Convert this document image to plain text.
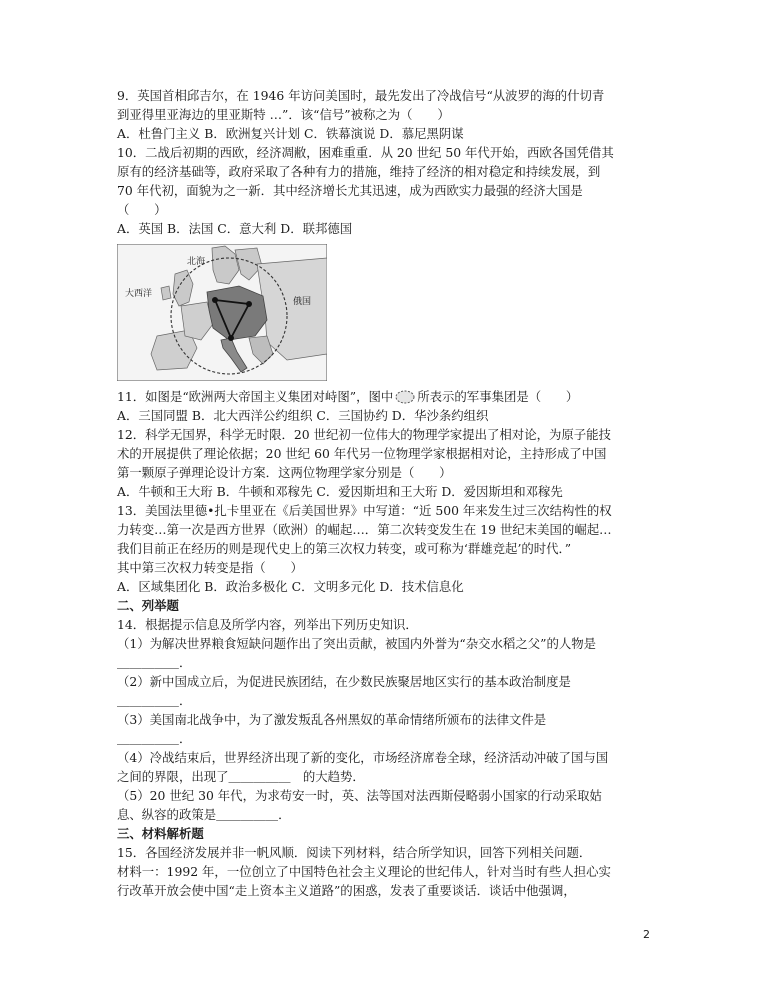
9．英国首相邱吉尔，在 1946 年访问美国时，最先发出了冷战信号“从波罗的海的什切青
到亚得里亚海边的里亚斯特 …”．该“信号”被称之为（　　）
A．杜鲁门主义 B．欧洲复兴计划 C．铁幕演说 D．慕尼黑阴谋
10．二战后初期的西欧，经济凋敝，困难重重．从 20 世纪 50 年代开始，西欧各国凭借其
原有的经济基础等，政府采取了各种有力的措施，维持了经济的相对稳定和持续发展，到
70 年代初，面貌为之一新．其中经济增长尤其迅速，成为西欧实力最强的经济大国是
（　　）
A．英国 B．法国 C．意大利 D．联邦德国
大西洋
北海
俄国
11．如图是“欧洲两大帝国主义集团对峙图”，图中 所表示的军事集团是（　　）
A．三国同盟 B．北大西洋公约组织 C．三国协约 D．华沙条约组织
12．科学无国界，科学无时限．20 世纪初一位伟大的物理学家提出了相对论，为原子能技
术的开展提供了理论依据；20 世纪 60 年代另一位物理学家根据相对论，主持形成了中国
第一颗原子弹理论设计方案．这两位物理学家分别是（　　）
A．牛顿和王大珩 B．牛顿和邓稼先 C．爱因斯坦和王大珩 D．爱因斯坦和邓稼先
13．美国法里德•扎卡里亚在《后美国世界》中写道：“近 500 年来发生过三次结构性的权
力转变…第一次是西方世界（欧洲）的崛起…．第二次转变发生在 19 世纪末美国的崛起…
我们目前正在经历的则是现代史上的第三次权力转变，或可称为‘群雄竞起’的时代．”
其中第三次权力转变是指（　　）
A．区域集团化 B．政治多极化 C．文明多元化 D．技术信息化
二、列举题
14．根据提示信息及所学内容，列举出下列历史知识．
（1）为解决世界粮食短缺问题作出了突出贡献，被国内外誉为“杂交水稻之父”的人物是
＿＿＿＿＿．
（2）新中国成立后，为促进民族团结，在少数民族聚居地区实行的基本政治制度是
＿＿＿＿＿．
（3）美国南北战争中，为了激发叛乱各州黑奴的革命情绪所颁布的法律文件是
＿＿＿＿＿．
（4）冷战结束后，世界经济出现了新的变化，市场经济席卷全球，经济活动冲破了国与国
之间的界限，出现了＿＿＿＿＿　的大趋势．
（5）20 世纪 30 年代，为求苟安一时，英、法等国对法西斯侵略弱小国家的行动采取姑
息、纵容的政策是＿＿＿＿＿．
三、材料解析题
15．各国经济发展并非一帆风顺．阅读下列材料，结合所学知识，回答下列相关问题．
材料一：1992 年，一位创立了中国特色社会主义理论的世纪伟人，针对当时有些人担心实
行改革开放会使中国“走上资本主义道路”的困惑，发表了重要谈话．谈话中他强调，
2
